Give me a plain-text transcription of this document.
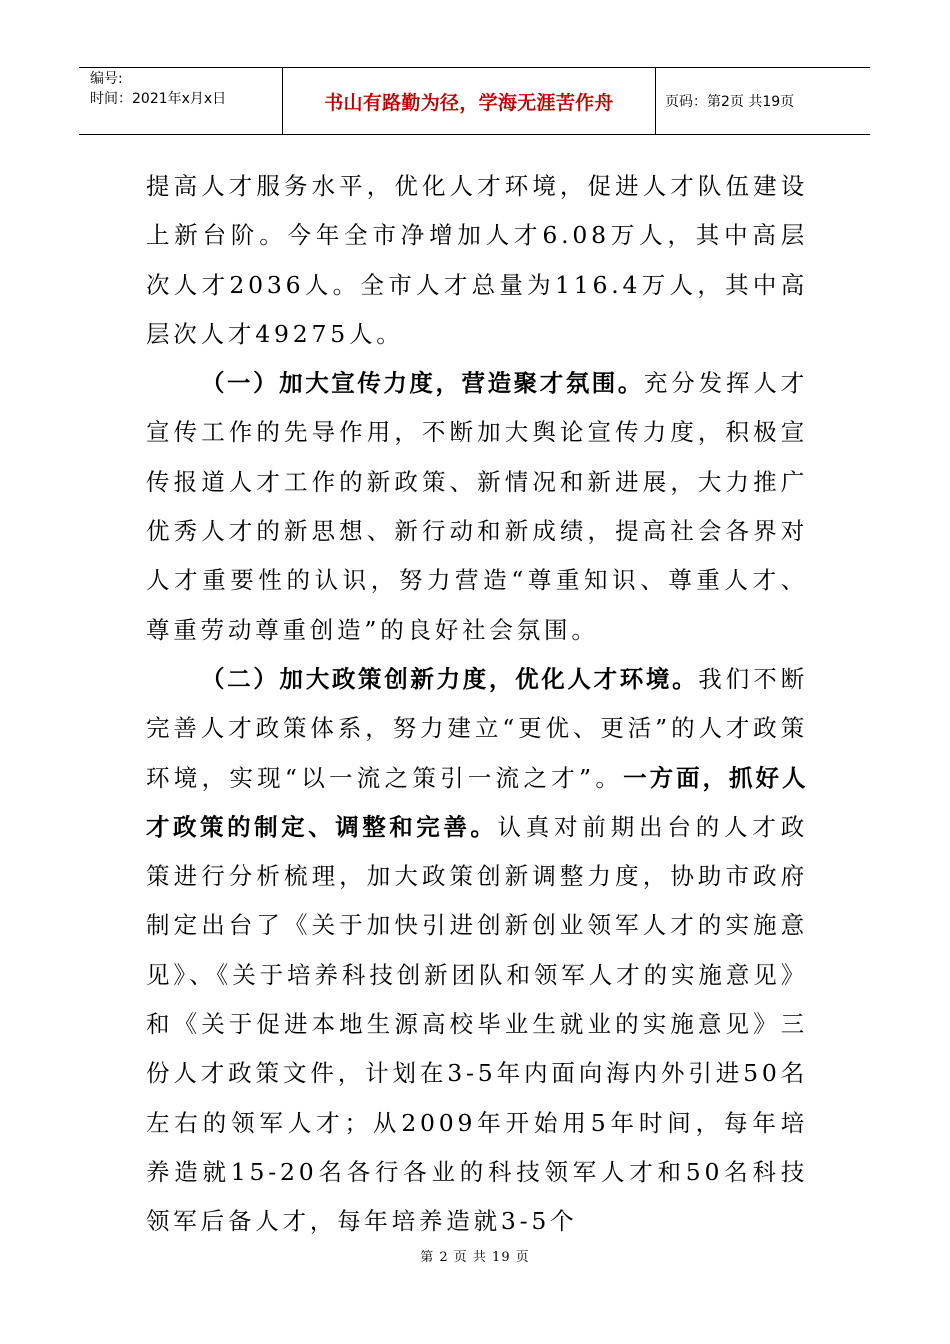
编号:
时间：2021年x月x日	书山有路勤为径，学海无涯苦作舟	页码：第2页 共19页

提高人才服务水平，优化人才环境，促进人才队伍建设上新台阶。今年全市净增加人才6.08万人，其中高层次人才2036人。全市人才总量为116.4万人，其中高层次人才49275人。

（一）加大宣传力度，营造聚才氛围。充分发挥人才宣传工作的先导作用，不断加大舆论宣传力度，积极宣传报道人才工作的新政策、新情况和新进展，大力推广优秀人才的新思想、新行动和新成绩，提高社会各界对人才重要性的认识，努力营造“尊重知识、尊重人才、尊重劳动尊重创造”的良好社会氛围。

（二）加大政策创新力度，优化人才环境。我们不断完善人才政策体系，努力建立“更优、更活”的人才政策环境，实现“以一流之策引一流之才”。一方面，抓好人才政策的制定、调整和完善。认真对前期出台的人才政策进行分析梳理，加大政策创新调整力度，协助市政府制定出台了《关于加快引进创新创业领军人才的实施意见》、《关于培养科技创新团队和领军人才的实施意见》和《关于促进本地生源高校毕业生就业的实施意见》三份人才政策文件，计划在3-5年内面向海内外引进50名左右的领军人才；从2009年开始用5年时间，每年培养造就15-20名各行各业的科技领军人才和50名科技领军后备人才，每年培养造就3-5个

第 2 页 共 19 页
